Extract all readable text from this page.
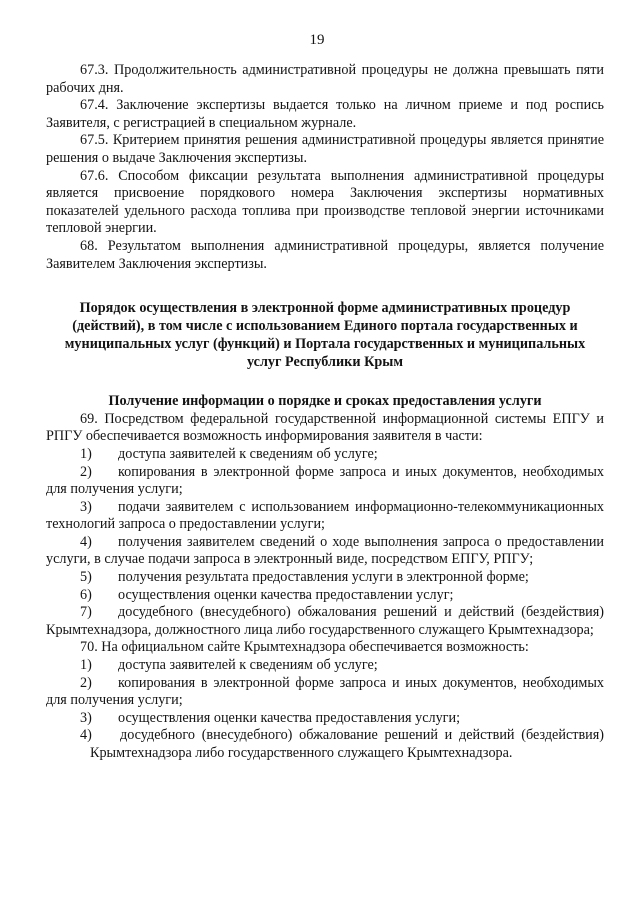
19

67.3. Продолжительность административной процедуры не должна превышать пяти рабочих дня.

67.4. Заключение экспертизы выдается только на личном приеме и под роспись Заявителя, с регистрацией в специальном журнале.

67.5. Критерием принятия решения административной процедуры является принятие решения о выдаче Заключения экспертизы.

67.6. Способом фиксации результата выполнения административной процедуры является присвоение порядкового номера Заключения экспертизы нормативных показателей удельного расхода топлива при производстве тепловой энергии источниками тепловой энергии.

68. Результатом выполнения административной процедуры, является получение Заявителем Заключения экспертизы.

Порядок осуществления в электронной форме административных процедур (действий), в том числе с использованием Единого портала государственных и муниципальных услуг (функций) и Портала государственных и муниципальных услуг Республики Крым

Получение информации о порядке и сроках предоставления услуги

69. Посредством федеральной государственной информационной системы ЕПГУ и РПГУ обеспечивается возможность информирования заявителя в части:

1) доступа заявителей к сведениям об услуге;

2) копирования в электронной форме запроса и иных документов, необходимых для получения услуги;

3) подачи заявителем с использованием информационно-телекоммуникационных технологий запроса о предоставлении услуги;

4) получения заявителем сведений о ходе выполнения запроса о предоставлении услуги, в случае подачи запроса в электронный виде, посредством ЕПГУ, РПГУ;

5) получения результата предоставления услуги в электронной форме;

6) осуществления оценки качества предоставлении услуг;

7) досудебного (внесудебного) обжалования решений и действий (бездействия) Крымтехнадзора, должностного лица либо государственного служащего Крымтехнадзора;

70. На официальном сайте Крымтехнадзора обеспечивается возможность:

1) доступа заявителей к сведениям об услуге;

2) копирования в электронной форме запроса и иных документов, необходимых для получения услуги;

3) осуществления оценки качества предоставления услуги;

4) досудебного (внесудебного) обжалование решений и действий (бездействия) Крымтехнадзора либо государственного служащего Крымтехнадзора.
